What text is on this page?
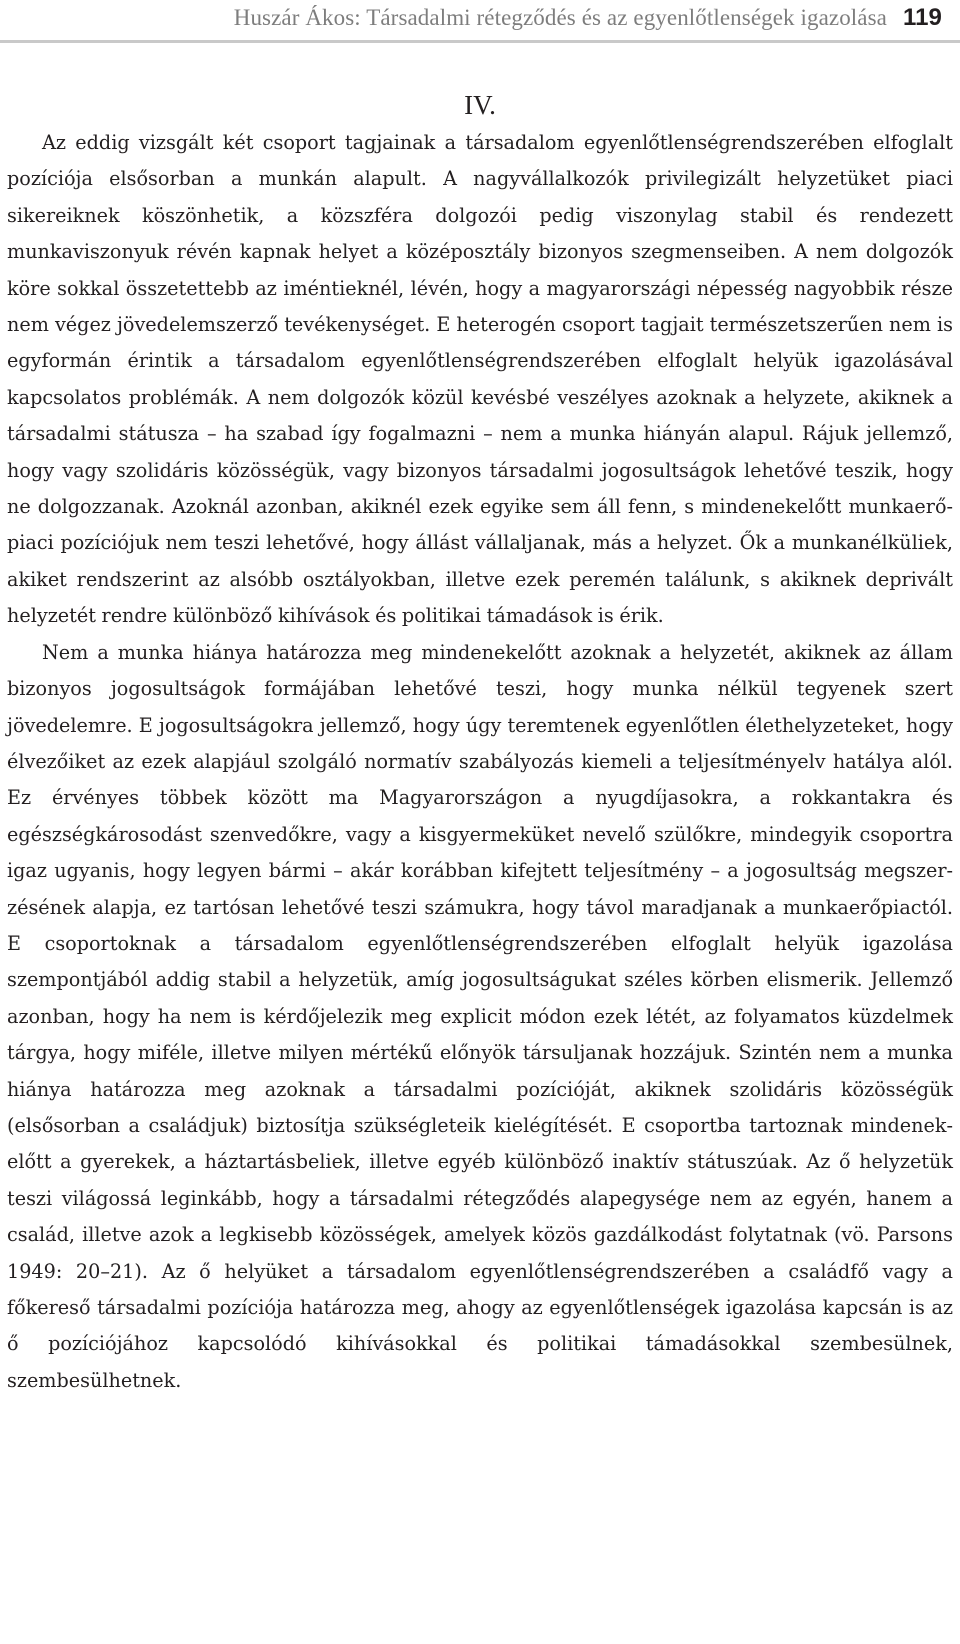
Huszár Ákos: Társadalmi rétegződés és az egyenlőtlenségek igazolása 119
IV.

Az eddig vizsgált két csoport tagjainak a társadalom egyenlőtlenségrendszerében elfoglalt pozíciója elsősorban a munkán alapult. A nagyvállalkozók privilegizált helyzetüket piaci sikereiknek köszönhetik, a közszféra dolgozói pedig viszonylag stabil és rendezett munkaviszonyuk révén kapnak helyet a középosztály bizonyos szegmenseiben. A nem dolgozók köre sokkal összetettebb az iméntieknél, lévén, hogy a magyarországi népesség nagyobbik része nem végez jövedelemszerző tevékenységet. E heterogén csoport tagjait természetszerűen nem is egyformán érintik a társadalom egyenlőtlenségrendszerében elfoglalt helyük igazolásával kapcsolatos problémák. A nem dolgozók közül kevésbé veszélyes azoknak a helyzete, akiknek a társadalmi státusza – ha szabad így fogalmazni – nem a munka hiányán alapul. Rájuk jellemző, hogy vagy szolidáris közösségük, vagy bizonyos társadalmi jogosultságok lehetővé teszik, hogy ne dolgozzanak. Azoknál azonban, akiknél ezek egyike sem áll fenn, s mindenekelőtt munkaerő-piaci pozíciójuk nem teszi lehetővé, hogy állást vállaljanak, más a helyzet. Ők a munkanélküliek, akiket rendszerint az alsóbb osztályokban, illetve ezek peremén találunk, s akiknek deprivált helyzetét rendre különböző kihívások és politikai támadások is érik.

Nem a munka hiánya határozza meg mindenekelőtt azoknak a helyzetét, akiknek az állam bizonyos jogosultságok formájában lehetővé teszi, hogy munka nélkül tegyenek szert jövedelemre. E jogosultságokra jellemző, hogy úgy teremtenek egyenlőtlen élethelyzeteket, hogy élvezőiket az ezek alapjául szolgáló normatív szabályozás kiemeli a teljesítményelv hatálya alól. Ez érvényes többek között ma Magyarországon a nyugdíjasokra, a rokkantakra és egészségkárosodást szenvedőkre, vagy a kisgyermeküket nevelő szülőkre, mindegyik csoportra igaz ugyanis, hogy legyen bármi – akár korábban kifejtett teljesítmény – a jogosultság megszerzésének alapja, ez tartósan lehetővé teszi számukra, hogy távol maradjanak a munkaerőpiactól. E csoportoknak a társadalom egyenlőtlenségrendszerében elfoglalt helyük igazolása szempontjából addig stabil a helyzetük, amíg jogosultságukat széles körben elismerik. Jellemző azonban, hogy ha nem is kérdőjelezik meg explicit módon ezek létét, az folyamatos küzdelmek tárgya, hogy miféle, illetve milyen mértékű előnyök társuljanak hozzájuk. Szintén nem a munka hiánya határozza meg azoknak a társadalmi pozícióját, akiknek szolidáris közösségük (elsősorban a családjuk) biztosítja szükségleteik kielégítését. E csoportba tartoznak mindenekelőtt a gyerekek, a háztartásbeliek, illetve egyéb különböző inaktív státuszúak. Az ő helyzetük teszi világossá leginkább, hogy a társadalmi rétegződés alapegysége nem az egyén, hanem a család, illetve azok a legkisebb közösségek, amelyek közös gazdálkodást folytatnak (vö. Parsons 1949: 20–21). Az ő helyüket a társadalom egyenlőtlenségrendszerében a családfő vagy a főkereső társadalmi pozíciója határozza meg, ahogy az egyenlőtlenségek igazolása kapcsán is az ő pozíciójához kapcsolódó kihívásokkal és politikai támadásokkal szembesülnek, szembesülhetnek.
